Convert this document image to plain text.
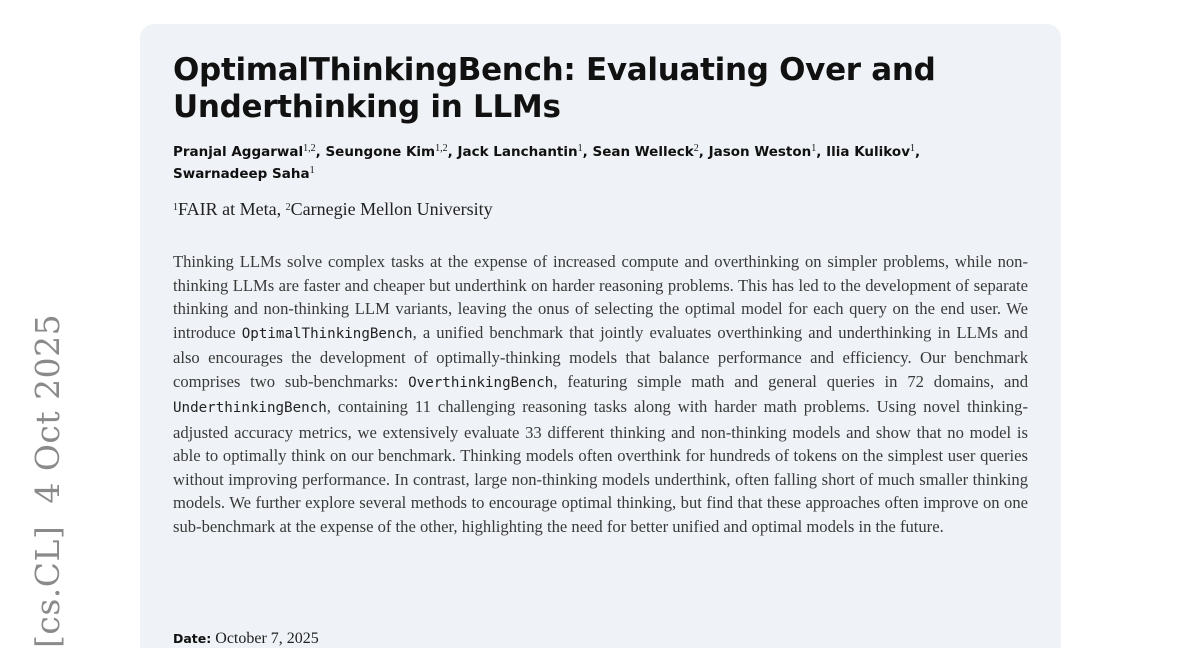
[cs.CL]4 Oct 2025
OptimalThinkingBench: Evaluating Over and Underthinking in LLMs
Pranjal Aggarwal$^{1,2}$, Seungone Kim$^{1,2}$, Jack Lanchantin$^1$, Sean Welleck$^2$, Jason Weston$^1$, Ilia Kulikov$^1$,
Swarnadeep Saha$^1$
$^1$FAIR at Meta, $^2$Carnegie Mellon University

Thinking LLMs solve complex tasks at the expense of increased compute and overthinking on simpler problems, while non-thinking LLMs are faster and cheaper but underthink on harder reasoning problems. This has led to the development of separate thinking and non-thinking LLM variants, leaving the onus of selecting the optimal model for each query on the end user. We introduce OptimalThinkingBench, a unified benchmark that jointly evaluates overthinking and underthinking in LLMs and also encourages the development of optimally-thinking models that balance performance and efficiency. Our benchmark comprises two sub-benchmarks: OverthinkingBench, featuring simple math and general queries in 72 domains, and UnderthinkingBench, containing 11 challenging reasoning tasks along with harder math problems. Using novel thinking-adjusted accuracy metrics, we extensively evaluate 33 different thinking and non-thinking models and show that no model is able to optimally think on our benchmark. Thinking models often overthink for hundreds of tokens on the simplest user queries without improving performance. In contrast, large non-thinking models underthink, often falling short of much smaller thinking models. We further explore several methods to encourage optimal thinking, but find that these approaches often improve on one sub-benchmark at the expense of the other, highlighting the need for better unified and optimal models in the future.

Date: October 7, 2025
